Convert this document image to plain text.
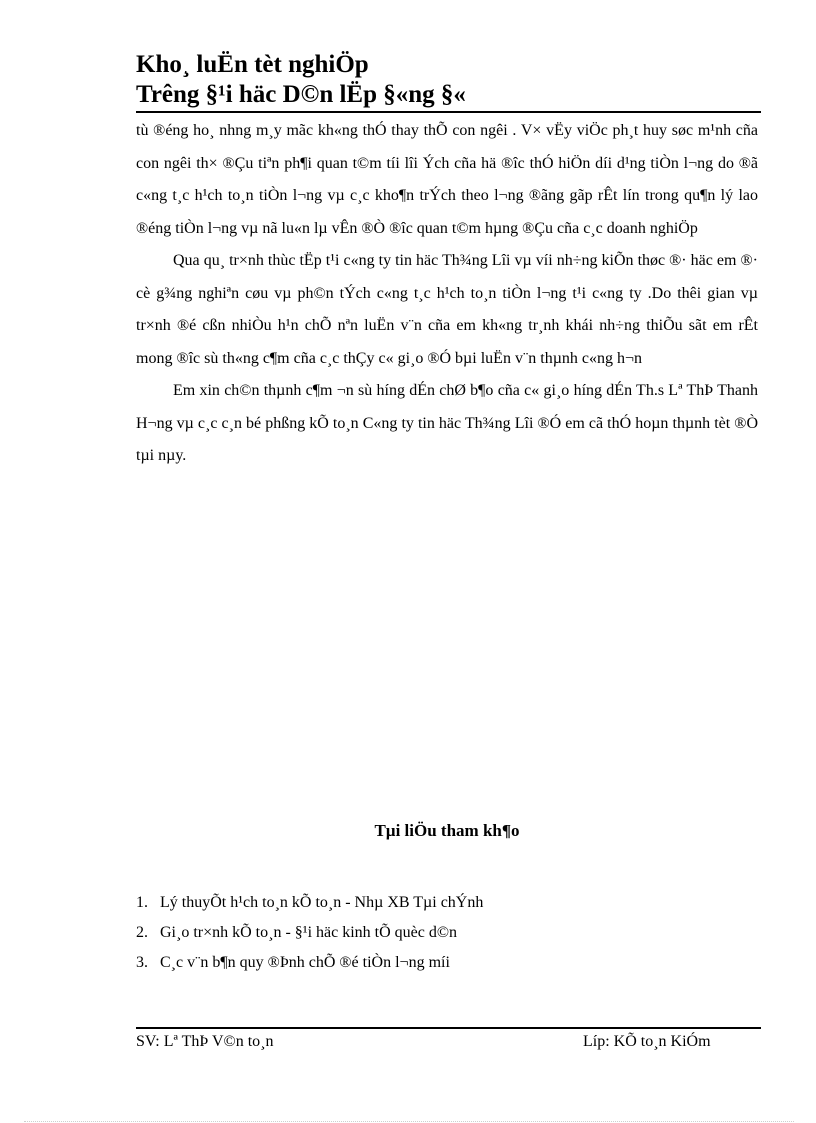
Kho¸ luËn tèt nghiÖp
Trêng §¹i häc D©n lËp §«ng §«

tù ®éng ho¸ nhng m¸y mãc kh«ng thÓ thay thÕ con ngêi . V× vËy viÖc ph¸t huy søc m¹nh cña con ngêi th× ®Çu tiªn ph¶i quan t©m tíi lîi Ých cña hä ®îc thÓ hiÖn díi d¹ng tiÒn l¬ng do ®ã c«ng t¸c h¹ch to¸n tiÒn l¬ng vµ c¸c kho¶n trÝch theo l¬ng ®ãng gãp rÊt lín trong qu¶n lý lao ®éng tiÒn l¬ng vµ nã lu«n lµ vÊn ®Ò ®îc quan t©m hµng ®Çu cña c¸c doanh nghiÖp

Qua qu¸ tr×nh thùc tËp t¹i c«ng ty tin häc Th¾ng Lîi vµ víi nh÷ng kiÕn thøc ®· häc em ®· cè g¾ng nghiªn cøu vµ ph©n tÝch c«ng t¸c h¹ch to¸n tiÒn l¬ng t¹i c«ng ty .Do thêi gian vµ tr×nh ®é cßn nhiÒu h¹n chÕ nªn luËn v¨n cña em kh«ng tr¸nh khái nh÷ng thiÕu sãt em rÊt mong ®îc sù th«ng c¶m cña c¸c thÇy c« gi¸o ®Ó bµi luËn v¨n thµnh c«ng h¬n

Em xin ch©n thµnh c¶m ¬n sù híng dÉn chØ b¶o cña c« gi¸o híng dÉn Th.s Lª ThÞ Thanh H¬ng vµ c¸c c¸n bé phßng kÕ to¸n C«ng ty tin häc Th¾ng Lîi ®Ó em cã thÓ hoµn thµnh tèt ®Ò tµi nµy.

Tµi liÖu tham kh¶o
1. Lý thuyÕt h¹ch to¸n kÕ to¸n - Nhµ XB Tµi chÝnh
2. Gi¸o tr×nh kÕ to¸n - §¹i häc kinh tÕ quèc d©n
3. C¸c v¨n b¶n quy ®Þnh chÕ ®é tiÒn l¬ng míi
SV: Lª ThÞ V©n to¸n	Líp: KÕ to¸n KiÓm
